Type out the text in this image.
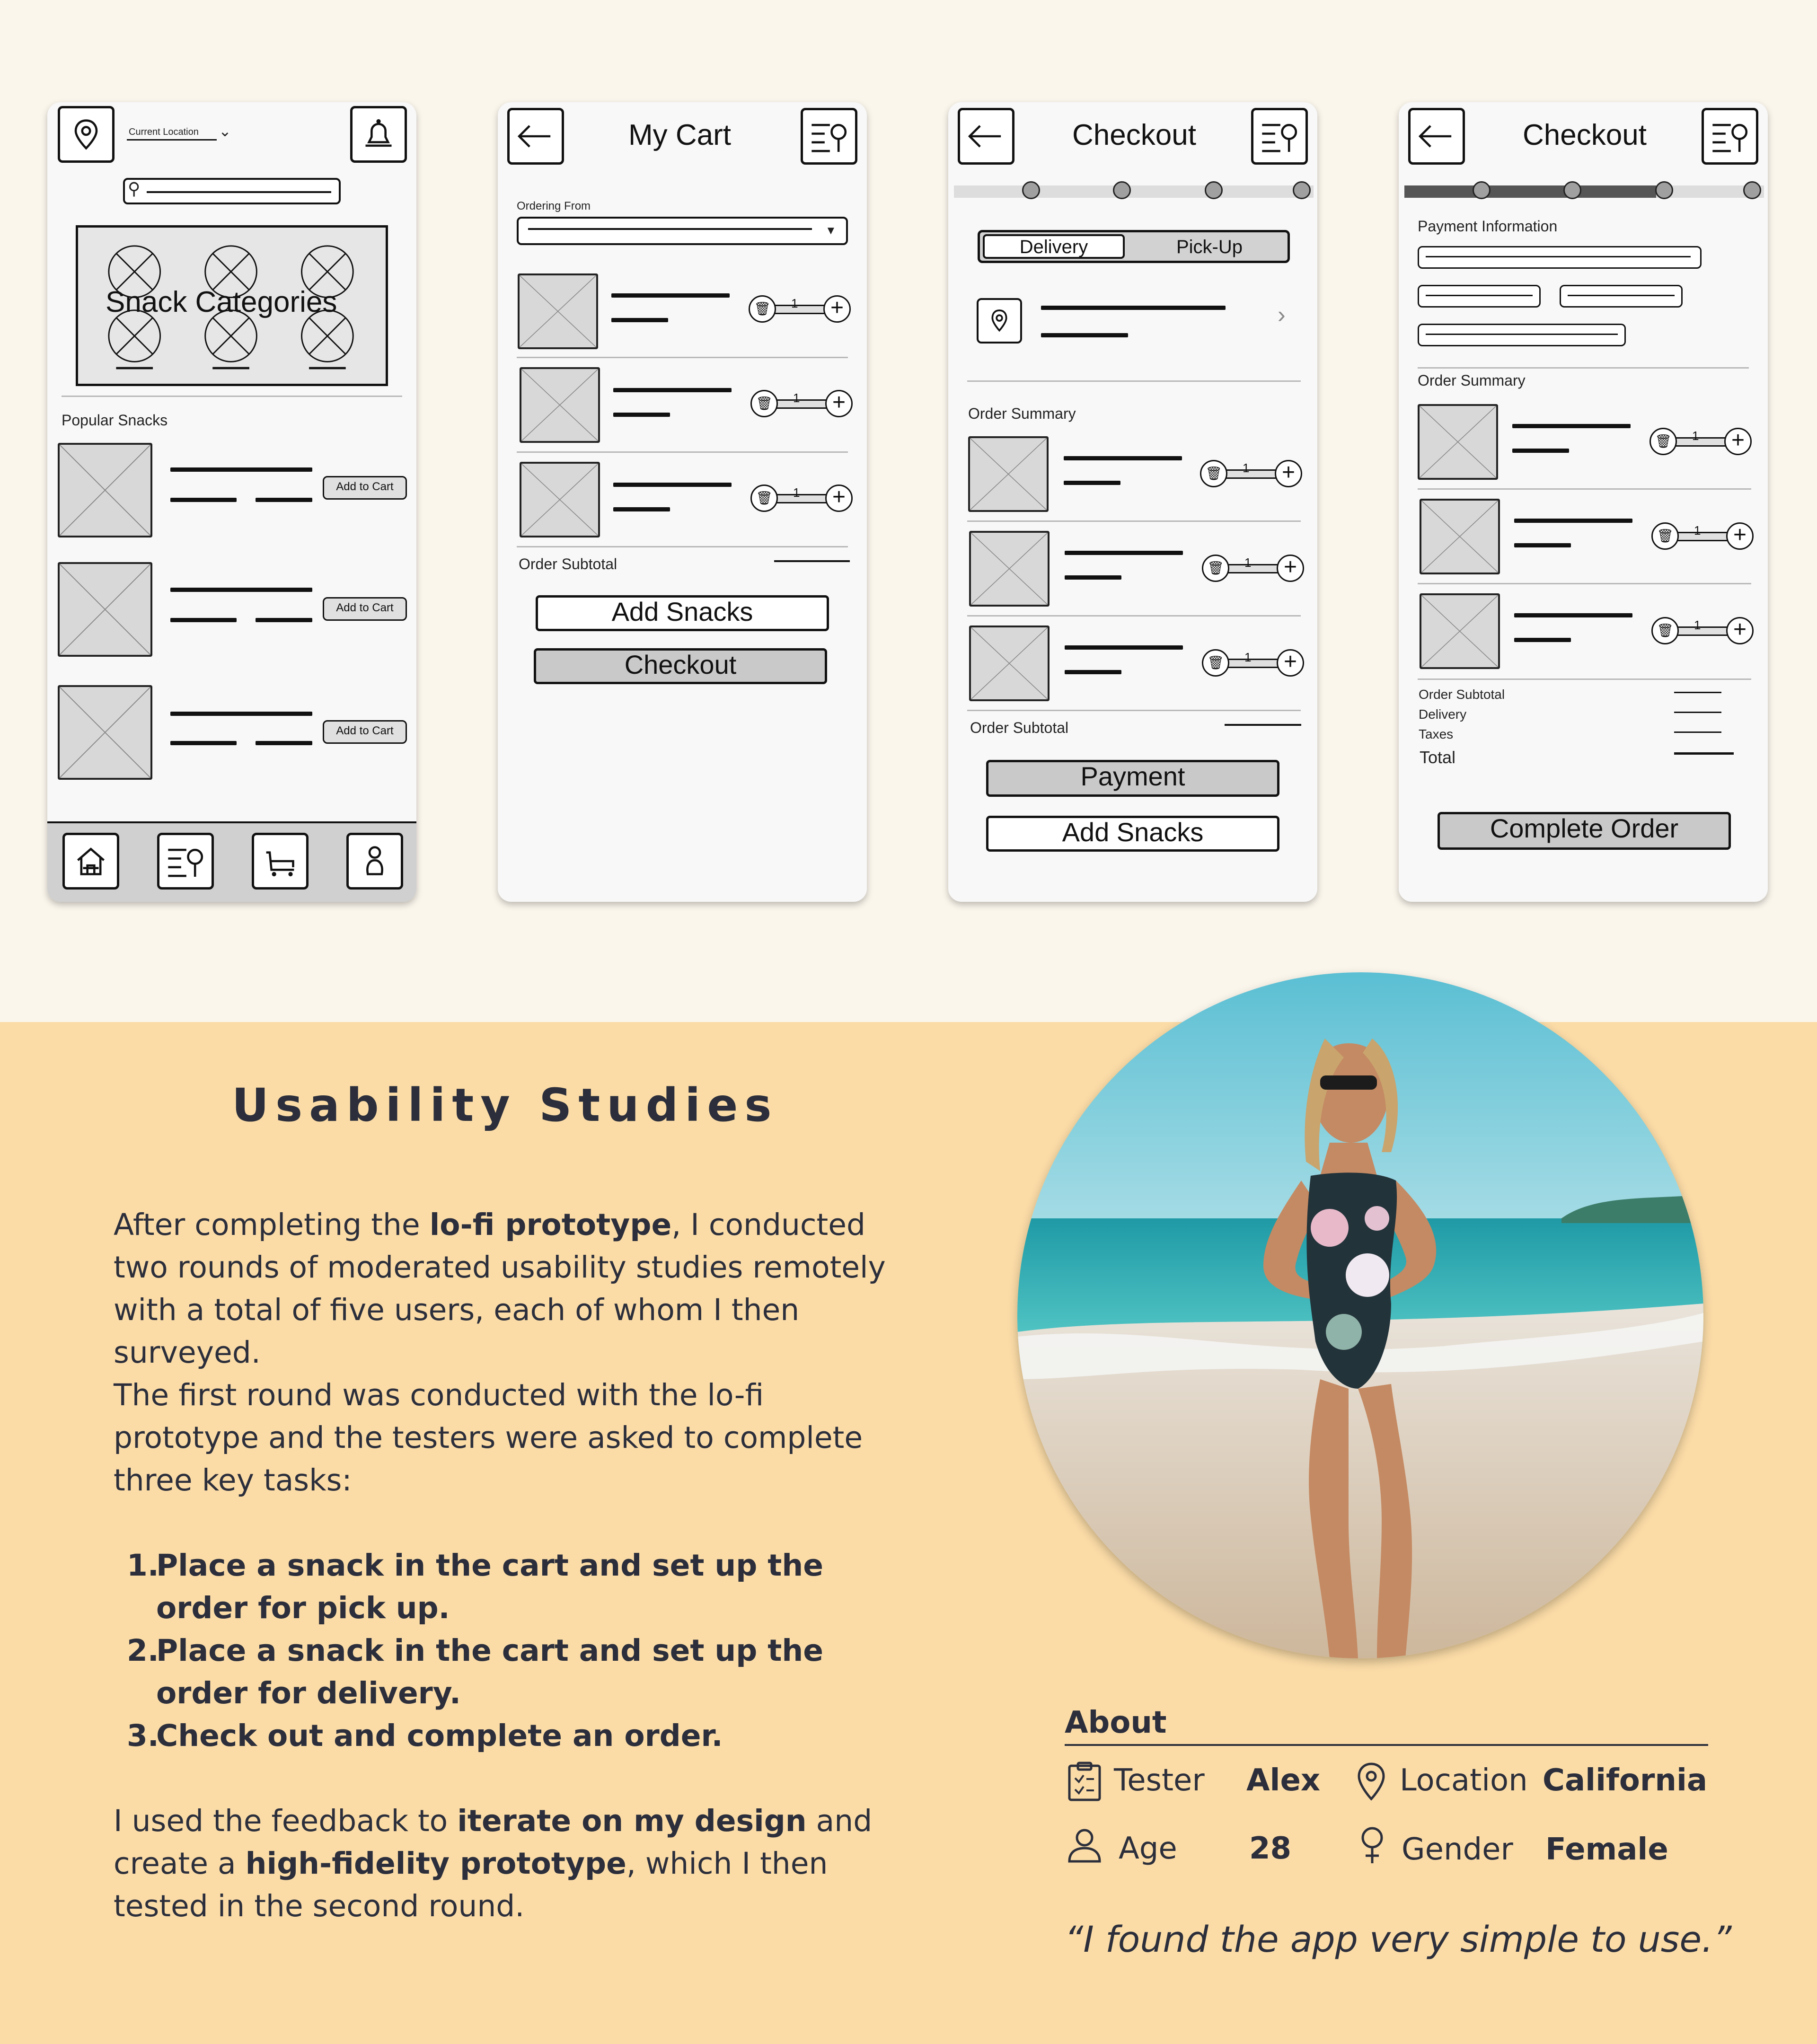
Current Location ⌄
⚲
Snack Categories
Popular Snacks
Add to Cart
Add to Cart
Add to Cart
My Cart
Ordering From
▼
1
🗑	+
1
🗑	+
1
🗑	+
Order Subtotal
Add Snacks
Checkout
Checkout
Delivery	Pick-Up
›
Order Summary
1
🗑	+
1
🗑	+
1
🗑	+
Order Subtotal
Payment
Add Snacks
Checkout
Payment Information
Order Summary
1
🗑	+
1
🗑	+
1
🗑	+
Order Subtotal
Delivery
Taxes
Total
Complete Order
Usability Studies
After completing the lo-fi prototype, I conducted two rounds of moderated usability studies remotely with a total of five users, each of whom I then surveyed.
The first round was conducted with the lo-fi prototype and the testers were asked to complete three key tasks:
1.Place a snack in the cart and set up the order for pick up.
2.Place a snack in the cart and set up the order for delivery.
3.Check out and complete an order.
I used the feedback to iterate on my design and create a high-fidelity prototype, which I then tested in the second round.
About
Tester Alex	Location California
Age 28	Gender Female
“I found the app very simple to use.”
